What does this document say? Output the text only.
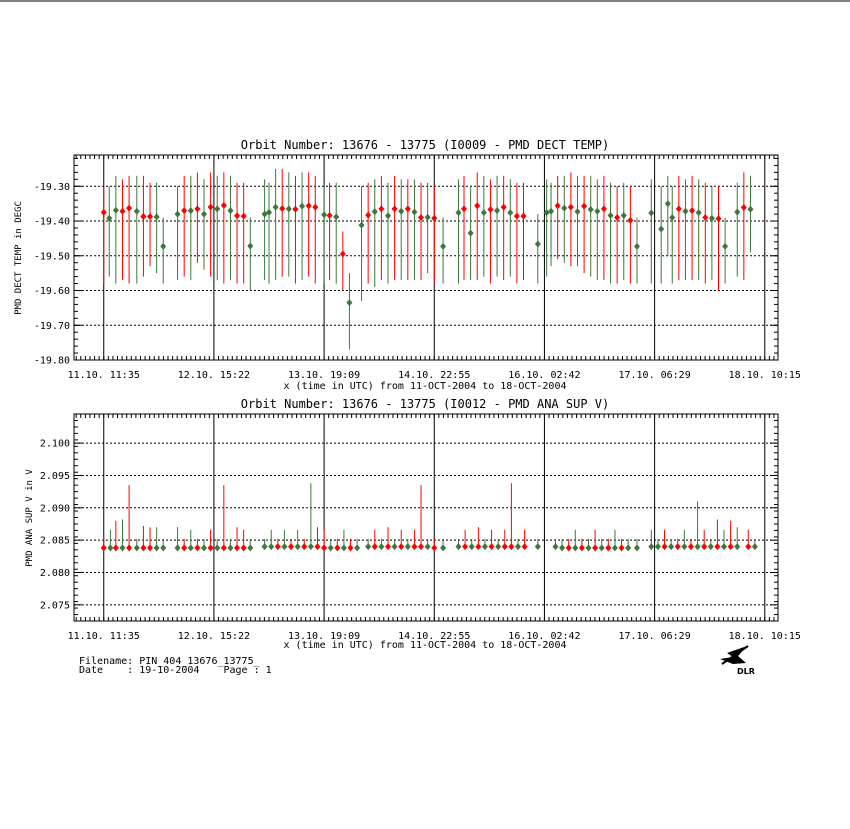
Orbit Number: 13676 - 13775 (I0009 - PMD DECT TEMP)
-19.30
-19.40
-19.50
-19.60
-19.70
-19.80
11.10. 11:35	12.10. 15:22	13.10. 19:09	14.10. 22:55	16.10. 02:42	17.10. 06:29	18.10. 10:15
x (time in UTC) from 11-OCT-2004 to 18-OCT-2004
PMD DECT TEMP in DEGC
Orbit Number: 13676 - 13775 (I0012 - PMD ANA SUP V)
2.075
2.080
2.085
2.090
2.095
2.100
11.10. 11:35	12.10. 15:22	13.10. 19:09	14.10. 22:55	16.10. 02:42	17.10. 06:29	18.10. 10:15
x (time in UTC) from 11-OCT-2004 to 18-OCT-2004
PMD ANA SUP V in V
Filename: PIN_404_13676_13775_
Date    : 19-10-2004    Page : 1	DLR
